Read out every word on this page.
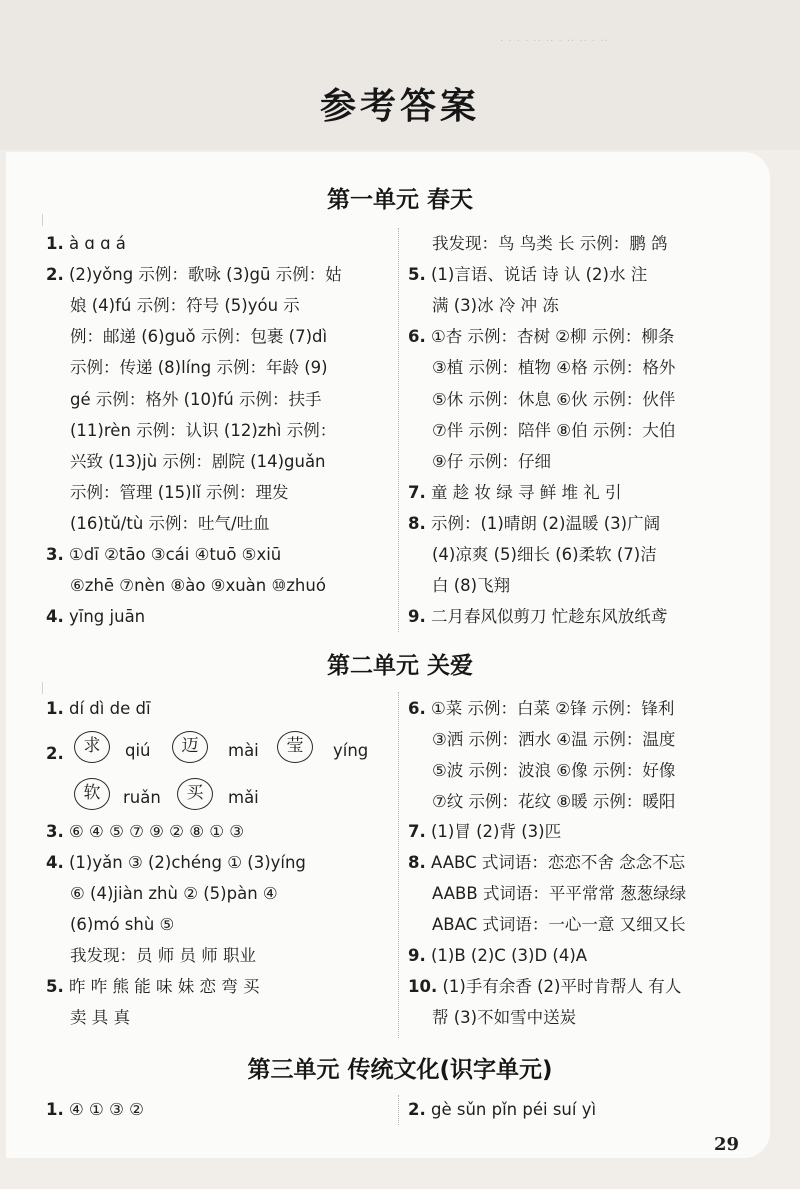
· · · · ·· ·· · ·· ·· · ··
参考答案
第一单元 春天
第二单元 关爱
第三单元 传统文化(识字单元)
1. à ɑ ɑ á
2. (2)yǒng 示例：歌咏 (3)gū 示例：姑
娘 (4)fú 示例：符号 (5)yóu 示
例：邮递 (6)guǒ 示例：包裹 (7)dì
示例：传递 (8)líng 示例：年龄 (9)
gé 示例：格外 (10)fú 示例：扶手
(11)rèn 示例：认识 (12)zhì 示例：
兴致 (13)jù 示例：剧院 (14)guǎn
示例：管理 (15)lǐ 示例：理发
(16)tǔ/tù 示例：吐气/吐血
3. ①dī ②tāo ③cái ④tuō ⑤xiū
⑥zhē ⑦nèn ⑧ào ⑨xuàn ⑩zhuó
4. yīng juān
我发现：鸟 鸟类 长 示例：鹏 鸽
5. (1)言语、说话 诗 认 (2)水 注
满 (3)冰 冷 冲 冻
6. ①杏 示例：杏树 ②柳 示例：柳条
③植 示例：植物 ④格 示例：格外
⑤休 示例：休息 ⑥伙 示例：伙伴
⑦伴 示例：陪伴 ⑧伯 示例：大伯
⑨仔 示例：仔细
7. 童 趁 妆 绿 寻 鲜 堆 礼 引
8. 示例：(1)晴朗 (2)温暖 (3)广阔
(4)凉爽 (5)细长 (6)柔软 (7)洁
白 (8)飞翔
9. 二月春风似剪刀 忙趁东风放纸鸢
1. dí dì de dī
3. ⑥ ④ ⑤ ⑦ ⑨ ② ⑧ ① ③
4. (1)yǎn ③ (2)chéng ① (3)yíng
⑥ (4)jiàn zhù ② (5)pàn ④
(6)mó shù ⑤
我发现：员 师 员 师 职业
5. 昨 咋 熊 能 味 妹 恋 弯 买
卖 具 真
6. ①菜 示例：白菜 ②锋 示例：锋利
③洒 示例：洒水 ④温 示例：温度
⑤波 示例：波浪 ⑥像 示例：好像
⑦纹 示例：花纹 ⑧暖 示例：暖阳
7. (1)冒 (2)背 (3)匹
8. AABC 式词语：恋恋不舍 念念不忘
AABB 式词语：平平常常 葱葱绿绿
ABAC 式词语：一心一意 又细又长
9. (1)B (2)C (3)D (4)A
10. (1)手有余香 (2)平时肯帮人 有人
帮 (3)不如雪中送炭
1. ④ ① ③ ②	2. gè sǔn pǐn péi suí yì
2.	求	qiú	迈	mài	莹	yíng
软	ruǎn	买	mǎi
29
